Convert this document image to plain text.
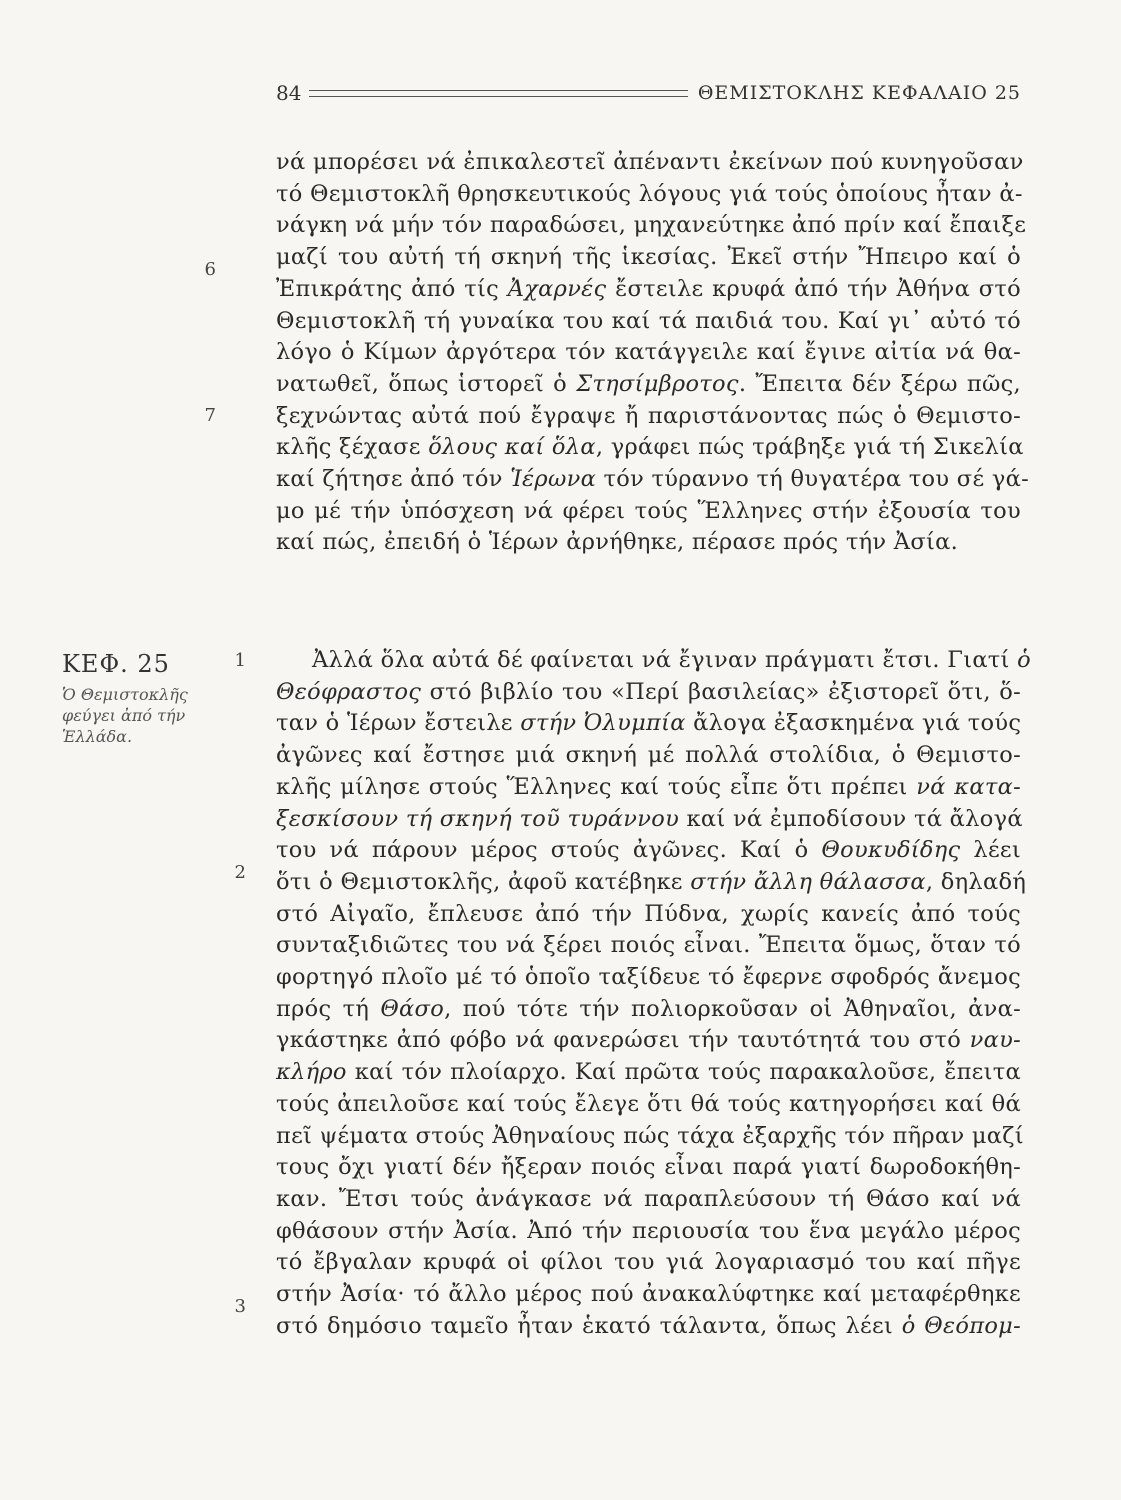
84	ΘΕΜΙΣΤΟΚΛΗΣ ΚΕΦΑΛΑΙΟ 25
νά μπορέσει νά ἐπικαλεστεῖ ἀπέναντι ἐκείνων πού κυνηγοῦσαν
τό Θεμιστοκλῆ θρησκευτικούς λόγους γιά τούς ὁποίους ἦταν ἀ-
νάγκη νά μήν τόν παραδώσει, μηχανεύτηκε ἀπό πρίν καί ἔπαιξε
μαζί του αὐτή τή σκηνή τῆς ἱκεσίας. Ἐκεῖ στήν Ἤπειρο καί ὁ
Ἐπικράτης ἀπό τίς Ἀχαρνές ἔστειλε κρυφά ἀπό τήν Ἀθήνα στό
Θεμιστοκλῆ τή γυναίκα του καί τά παιδιά του. Καί γι᾽ αὐτό τό
λόγο ὁ Κίμων ἀργότερα τόν κατάγγειλε καί ἔγινε αἰτία νά θα-
νατωθεῖ, ὅπως ἱστορεῖ ὁ Στησίμβροτος. Ἔπειτα δέν ξέρω πῶς,
ξεχνώντας αὐτά πού ἔγραψε ἤ παριστάνοντας πώς ὁ Θεμιστο-
κλῆς ξέχασε ὅλους καί ὅλα, γράφει πώς τράβηξε γιά τή Σικελία
καί ζήτησε ἀπό τόν Ἱέρωνα τόν τύραννο τή θυγατέρα του σέ γά-
μο μέ τήν ὑπόσχεση νά φέρει τούς Ἕλληνες στήν ἐξουσία του
καί πώς, ἐπειδή ὁ Ἱέρων ἀρνήθηκε, πέρασε πρός τήν Ἀσία.
6
7
1
2
3
ΚΕΦ. 25
Ὁ Θεμιστοκλῆς
φεύγει ἀπό τήν
Ἑλλάδα.
Ἀλλά ὅλα αὐτά δέ φαίνεται νά ἔγιναν πράγματι ἔτσι. Γιατί ὁ
Θεόφραστος στό βιβλίο του «Περί βασιλείας» ἐξιστορεῖ ὅτι, ὅ-
ταν ὁ Ἱέρων ἔστειλε στήν Ὀλυμπία ἄλογα ἐξασκημένα γιά τούς
ἀγῶνες καί ἔστησε μιά σκηνή μέ πολλά στολίδια, ὁ Θεμιστο-
κλῆς μίλησε στούς Ἕλληνες καί τούς εἶπε ὅτι πρέπει νά κατα-
ξεσκίσουν τή σκηνή τοῦ τυράννου καί νά ἐμποδίσουν τά ἄλογά
του νά πάρουν μέρος στούς ἀγῶνες. Καί ὁ Θουκυδίδης λέει
ὅτι ὁ Θεμιστοκλῆς, ἀφοῦ κατέβηκε στήν ἄλλη θάλασσα, δηλαδή
στό Αἰγαῖο, ἔπλευσε ἀπό τήν Πύδνα, χωρίς κανείς ἀπό τούς
συνταξιδιῶτες του νά ξέρει ποιός εἶναι. Ἔπειτα ὅμως, ὅταν τό
φορτηγό πλοῖο μέ τό ὁποῖο ταξίδευε τό ἔφερνε σφοδρός ἄνεμος
πρός τή Θάσο, πού τότε τήν πολιορκοῦσαν οἱ Ἀθηναῖοι, ἀνα-
γκάστηκε ἀπό φόβο νά φανερώσει τήν ταυτότητά του στό ναυ-
κλήρο καί τόν πλοίαρχο. Καί πρῶτα τούς παρακαλοῦσε, ἔπειτα
τούς ἀπειλοῦσε καί τούς ἔλεγε ὅτι θά τούς κατηγορήσει καί θά
πεῖ ψέματα στούς Ἀθηναίους πώς τάχα ἐξαρχῆς τόν πῆραν μαζί
τους ὄχι γιατί δέν ἤξεραν ποιός εἶναι παρά γιατί δωροδοκήθη-
καν. Ἔτσι τούς ἀνάγκασε νά παραπλεύσουν τή Θάσο καί νά
φθάσουν στήν Ἀσία. Ἀπό τήν περιουσία του ἕνα μεγάλο μέρος
τό ἔβγαλαν κρυφά οἱ φίλοι του γιά λογαριασμό του καί πῆγε
στήν Ἀσία· τό ἄλλο μέρος πού ἀνακαλύφτηκε καί μεταφέρθηκε
στό δημόσιο ταμεῖο ἦταν ἑκατό τάλαντα, ὅπως λέει ὁ Θεόπομ-
